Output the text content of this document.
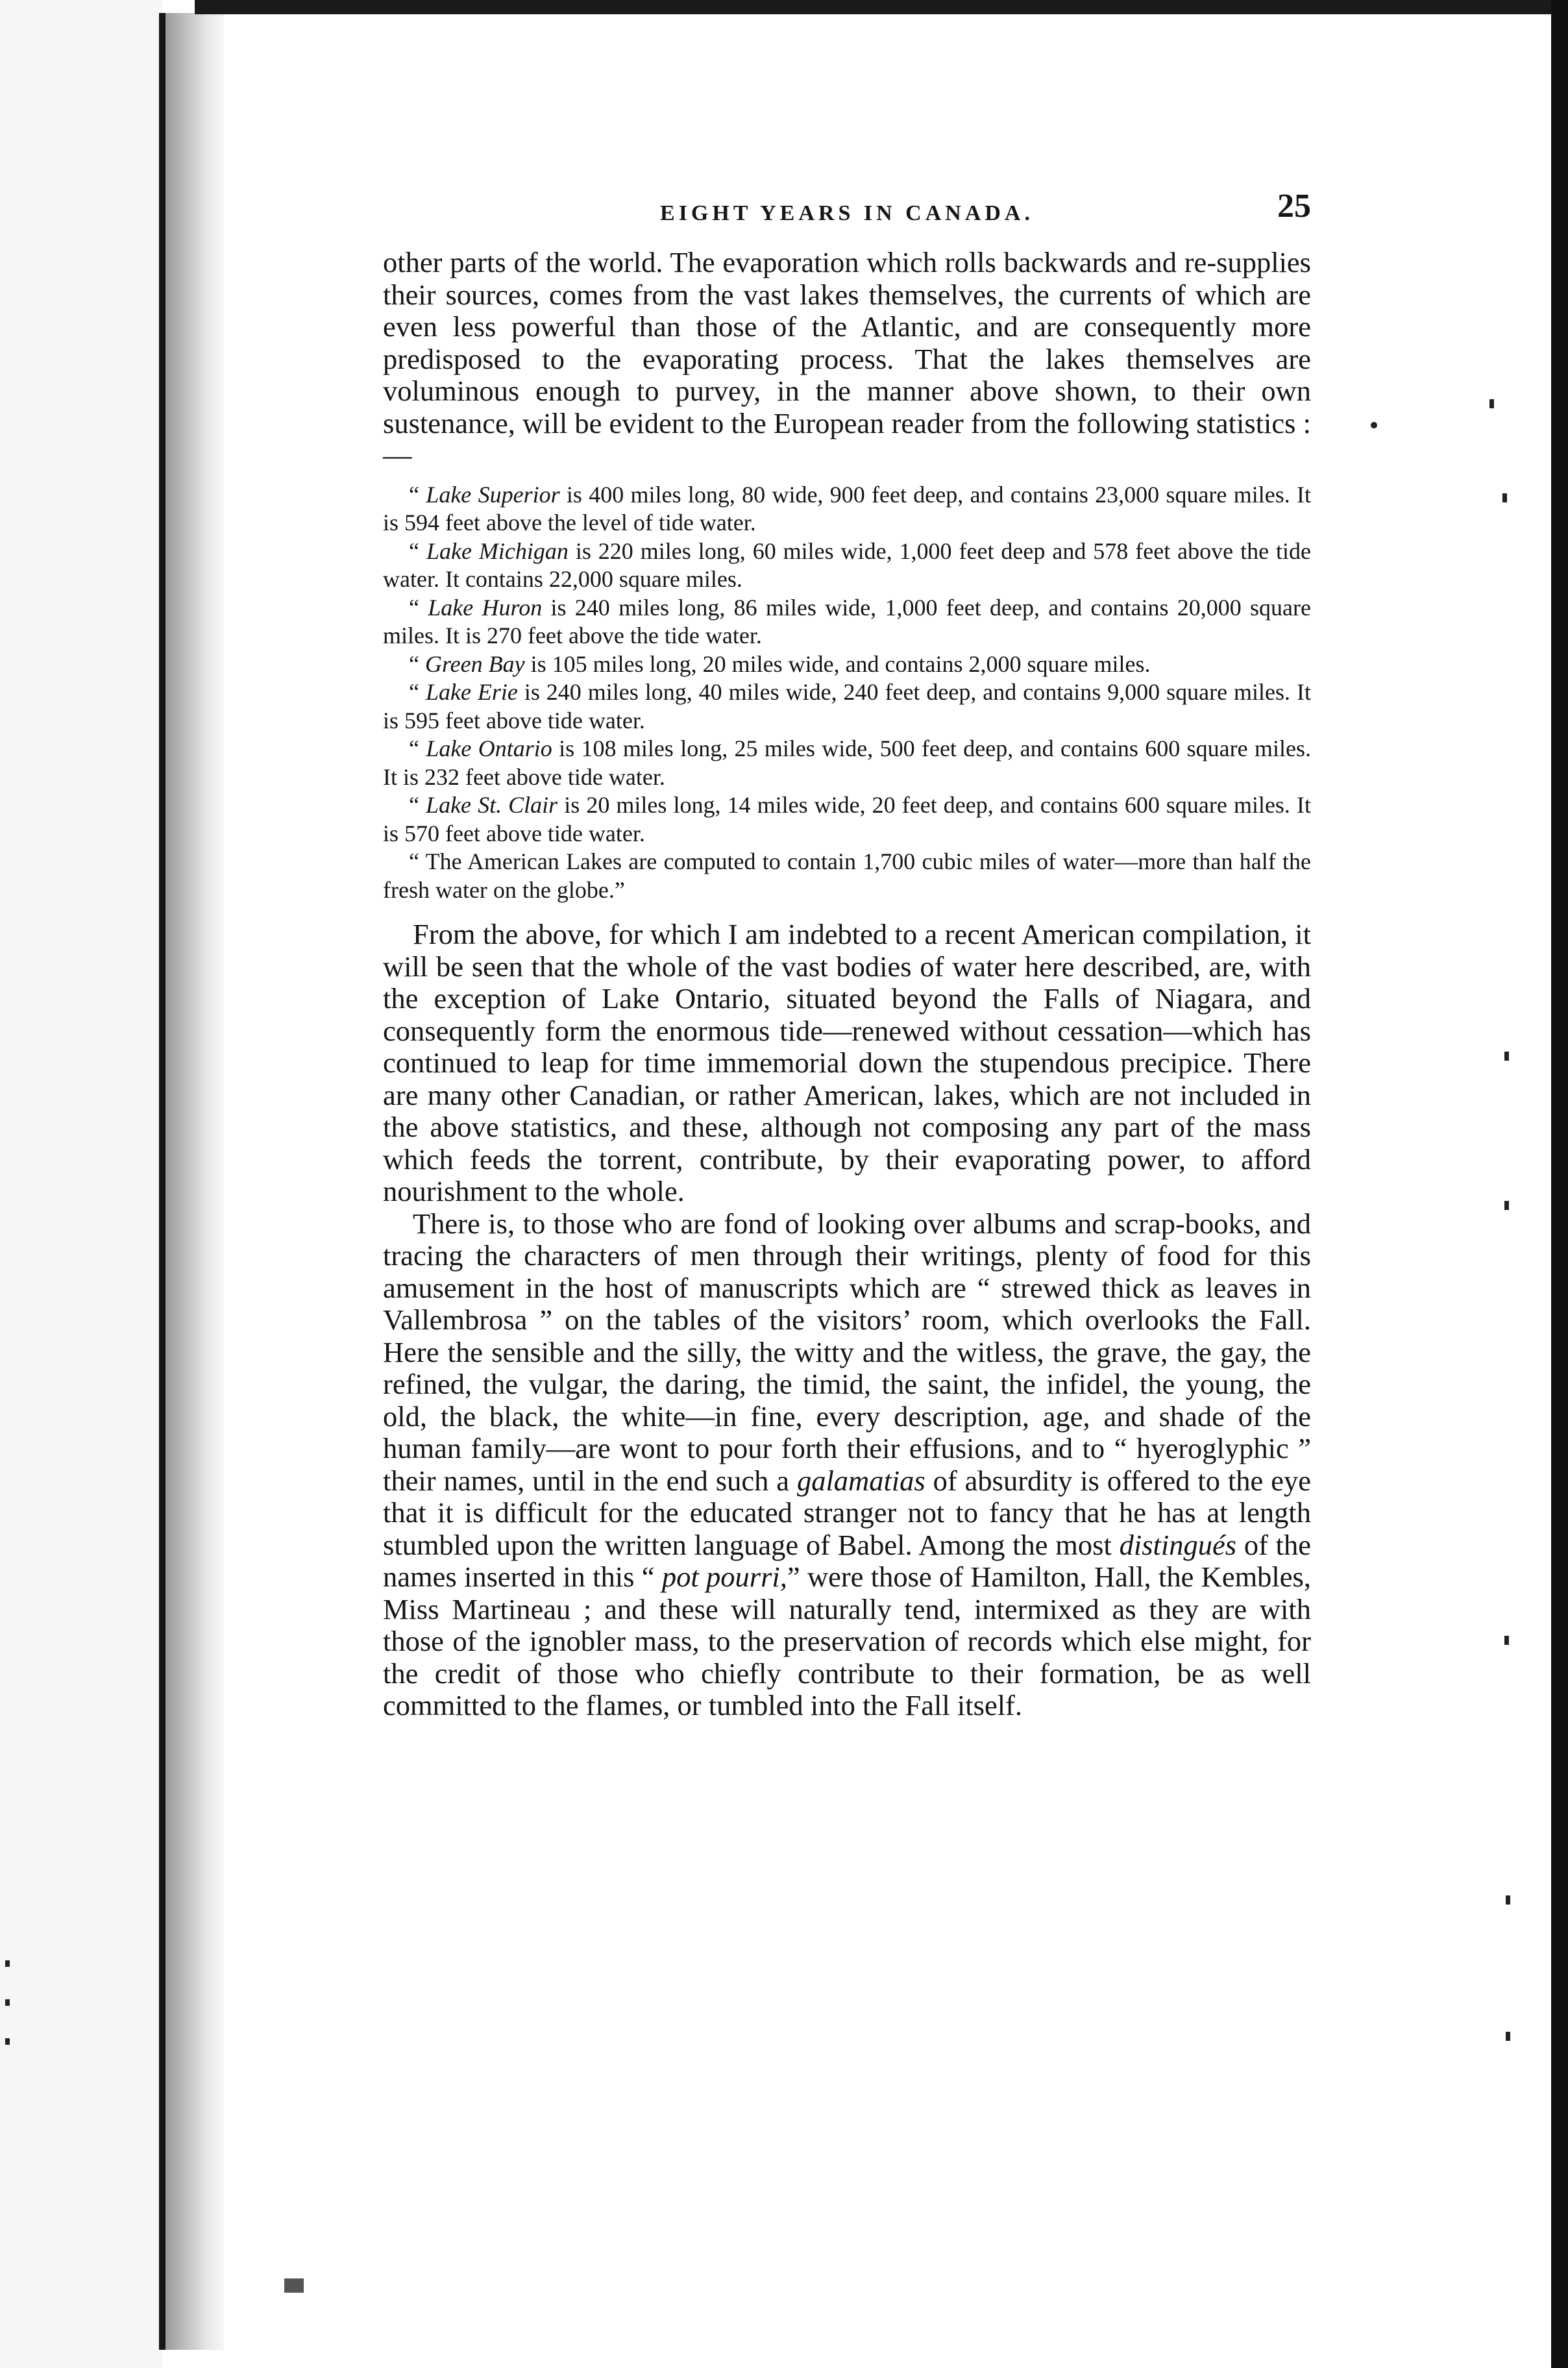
EIGHT YEARS IN CANADA.	25

other parts of the world. The evaporation which rolls backwards and re-supplies their sources, comes from the vast lakes themselves, the currents of which are even less powerful than those of the Atlantic, and are consequently more predisposed to the evaporating process. That the lakes themselves are voluminous enough to purvey, in the manner above shown, to their own sustenance, will be evident to the European reader from the following statistics :—

“ Lake Superior is 400 miles long, 80 wide, 900 feet deep, and contains 23,000 square miles. It is 594 feet above the level of tide water.

“ Lake Michigan is 220 miles long, 60 miles wide, 1,000 feet deep and 578 feet above the tide water. It contains 22,000 square miles.

“ Lake Huron is 240 miles long, 86 miles wide, 1,000 feet deep, and contains 20,000 square miles. It is 270 feet above the tide water.

“ Green Bay is 105 miles long, 20 miles wide, and contains 2,000 square miles.

“ Lake Erie is 240 miles long, 40 miles wide, 240 feet deep, and contains 9,000 square miles. It is 595 feet above tide water.

“ Lake Ontario is 108 miles long, 25 miles wide, 500 feet deep, and contains 600 square miles. It is 232 feet above tide water.

“ Lake St. Clair is 20 miles long, 14 miles wide, 20 feet deep, and contains 600 square miles. It is 570 feet above tide water.

“ The American Lakes are computed to contain 1,700 cubic miles of water—more than half the fresh water on the globe.”

From the above, for which I am indebted to a recent American compilation, it will be seen that the whole of the vast bodies of water here described, are, with the exception of Lake Ontario, situated beyond the Falls of Niagara, and consequently form the enormous tide—renewed without cessation—which has continued to leap for time immemorial down the stupendous precipice. There are many other Canadian, or rather American, lakes, which are not included in the above statistics, and these, although not composing any part of the mass which feeds the torrent, contribute, by their evaporating power, to afford nourishment to the whole.

There is, to those who are fond of looking over albums and scrap-books, and tracing the characters of men through their writings, plenty of food for this amusement in the host of manuscripts which are “ strewed thick as leaves in Vallembrosa ” on the tables of the visitors’ room, which overlooks the Fall. Here the sensible and the silly, the witty and the witless, the grave, the gay, the refined, the vulgar, the daring, the timid, the saint, the infidel, the young, the old, the black, the white—in fine, every description, age, and shade of the human family—are wont to pour forth their effusions, and to “ hyeroglyphic ” their names, until in the end such a galamatias of absurdity is offered to the eye that it is difficult for the educated stranger not to fancy that he has at length stumbled upon the written language of Babel. Among the most distingués of the names inserted in this “ pot pourri,” were those of Hamilton, Hall, the Kembles, Miss Martineau ; and these will naturally tend, intermixed as they are with those of the ignobler mass, to the preservation of records which else might, for the credit of those who chiefly contribute to their formation, be as well committed to the flames, or tumbled into the Fall itself.
